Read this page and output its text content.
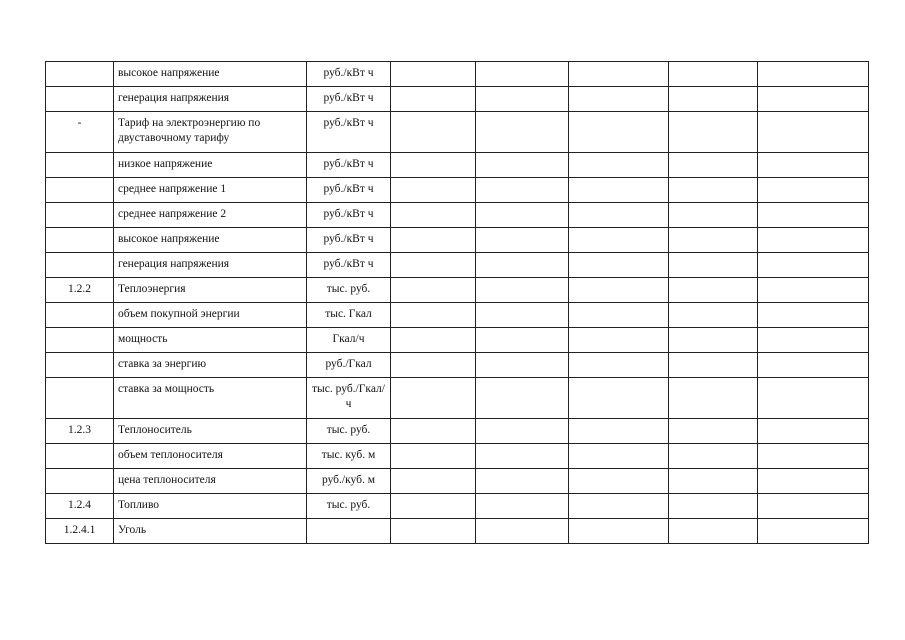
	высокое напряжение	руб./кВт ч					
	генерация напряжения	руб./кВт ч					
-	Тариф на электроэнергию по двуставочному тарифу	руб./кВт ч					
	низкое напряжение	руб./кВт ч					
	среднее напряжение 1	руб./кВт ч					
	среднее напряжение 2	руб./кВт ч					
	высокое напряжение	руб./кВт ч					
	генерация напряжения	руб./кВт ч					
1.2.2	Теплоэнергия	тыс. руб.					
	объем покупной энергии	тыс. Гкал					
	мощность	Гкал/ч					
	ставка за энергию	руб./Гкал					
	ставка за мощность	тыс. руб./Гкал/ч					
1.2.3	Теплоноситель	тыс. руб.					
	объем теплоносителя	тыс. куб. м					
	цена теплоносителя	руб./куб. м					
1.2.4	Топливо	тыс. руб.					
1.2.4.1	Уголь						
